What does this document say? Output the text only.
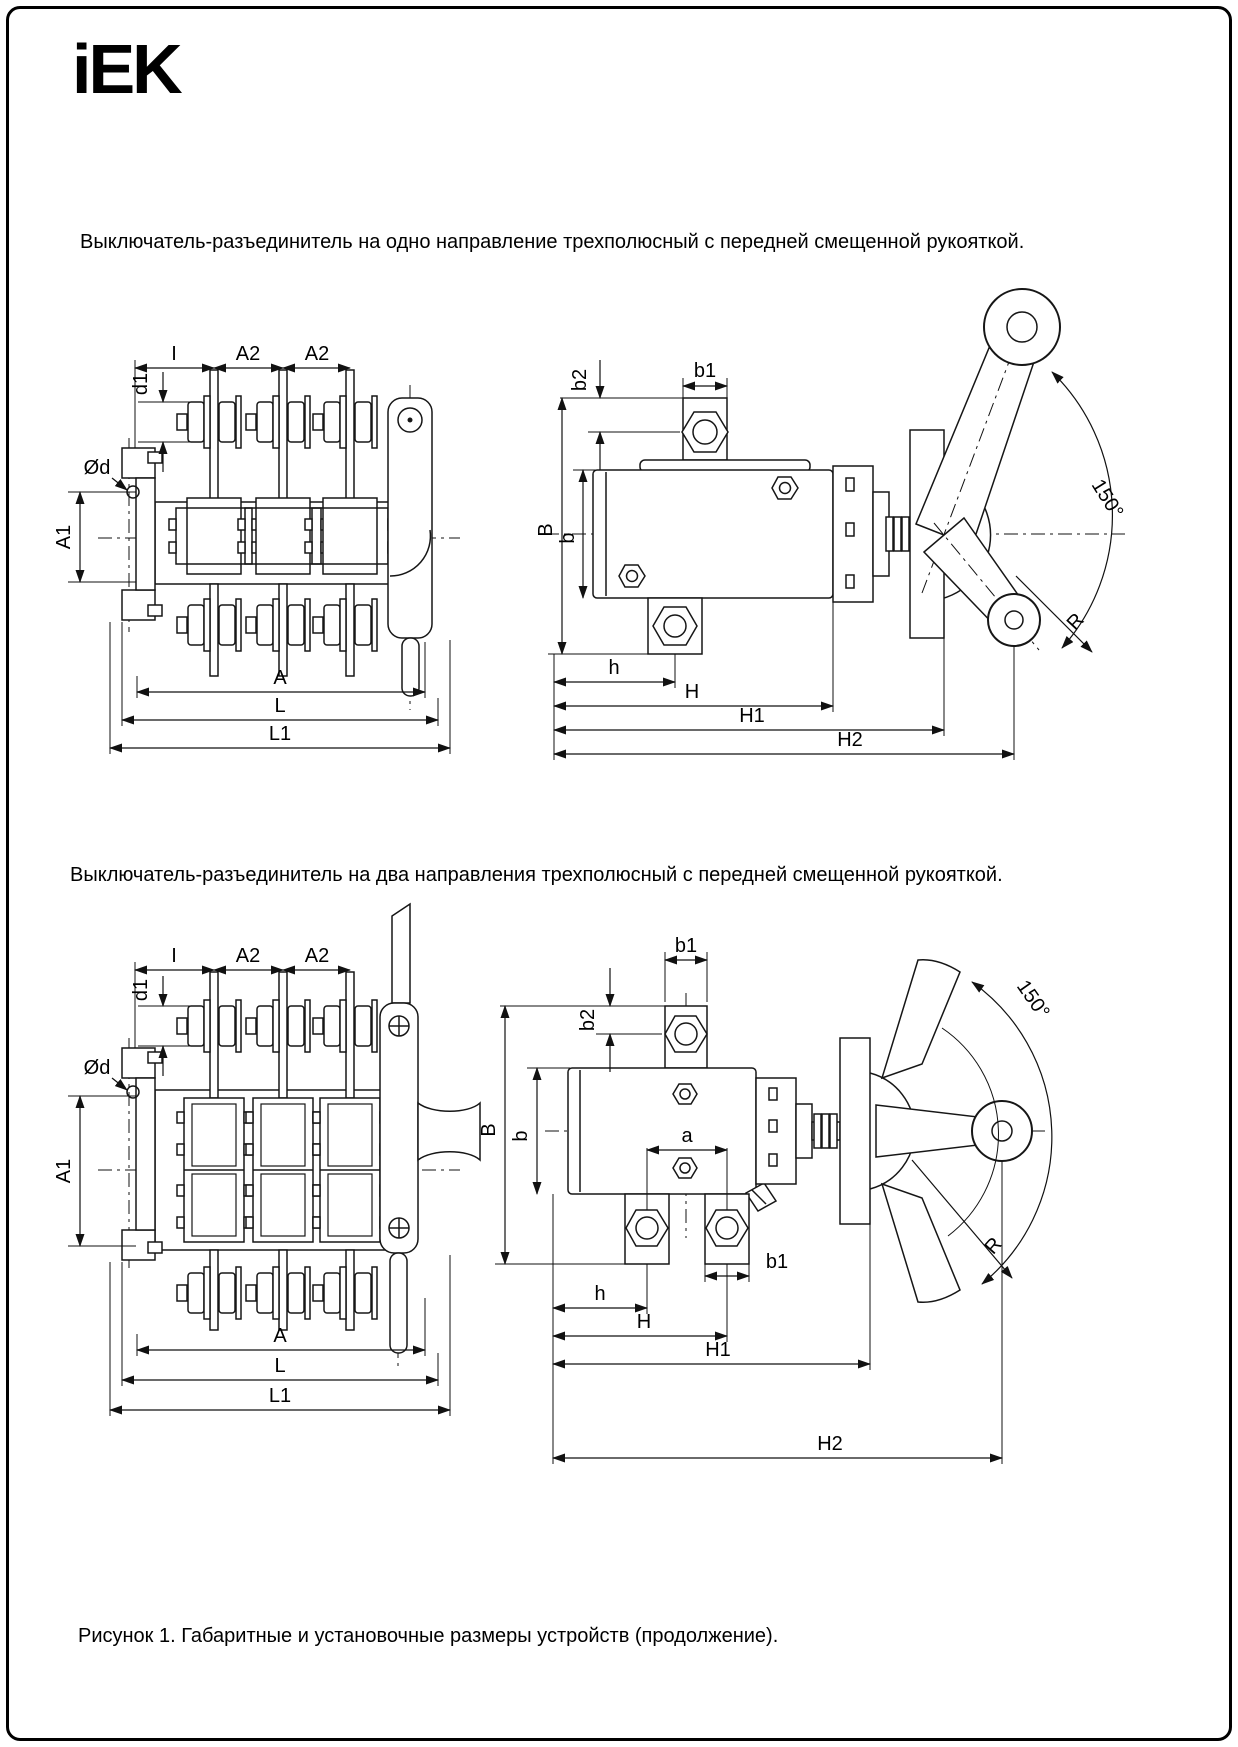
iEK
Выключатель-разъединитель на одно направление трехполюсный с передней смещенной рукояткой.
I	A2 A2
d1
Ød
A1
A
L
L1
150°
R
b1
b2
B
b
h
H
H1
H2
Выключатель-разъединитель на два направления трехполюсный с передней смещенной рукояткой.
I	A2 A2
d1
Ød
A1
A
L
L1
150°
R
b1
b2
B b	a
b1
h
H
H1
H2
Рисунок 1. Габаритные и установочные размеры устройств (продолжение).
